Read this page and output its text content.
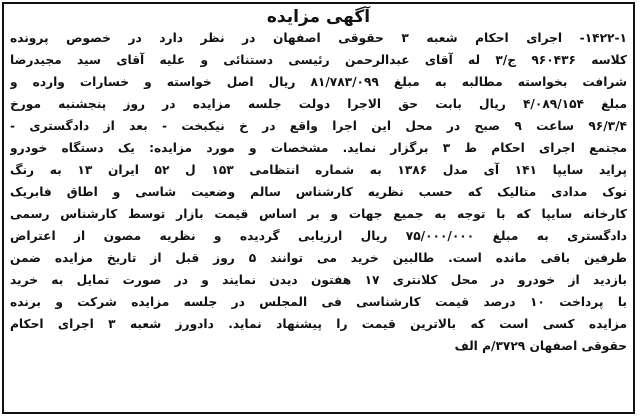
آگهی مزایده
۱۴۲۲-۱- اجرای احکام شعبه ۳ حقوقی اصفهان در نظر دارد در خصوص پرونده
کلاسه ۹۶۰۴۳۶ ج/۳ له آقای عبدالرحمن رئیسی دستنائی و علیه آقای سید مجیدرضا
شرافت بخواسته مطالبه به مبلغ ۸۱/۷۸۳/۰۹۹ ریال اصل خواسته و خسارات وارده و
مبلغ ۴/۰۸۹/۱۵۴ ریال بابت حق الاجرا دولت جلسه مزایده در روز پنجشنبه مورخ
۹۶/۳/۴ ساعت ۹ صبح در محل این اجرا واقع در خ نیکبخت - بعد از دادگستری -
مجتمع اجرای احکام ط ۳ برگزار نماید. مشخصات و مورد مزایده: یک دستگاه خودرو
پراید سایپا ۱۴۱ آی مدل ۱۳۸۶ به شماره انتظامی ۱۵۳ ل ۵۲ ایران ۱۳ به رنگ
نوک مدادی متالیک که حسب نظریه کارشناس سالم وضعیت شاسی و اطاق فابریک
کارخانه سایپا که با توجه به جمیع جهات و بر اساس قیمت بازار توسط کارشناس رسمی
دادگستری به مبلغ ۷۵/۰۰۰/۰۰۰ ریال ارزیابی گردیده و نظریه مصون از اعتراض
طرفین باقی مانده است. طالبین خرید می توانند ۵ روز قبل از تاریخ مزایده ضمن
بازدید از خودرو در محل کلانتری ۱۷ هفتون دیدن نمایند و در صورت تمایل به خرید
با پرداخت ۱۰ درصد قیمت کارشناسی فی المجلس در جلسه مزایده شرکت و برنده
مزایده کسی است که بالاترین قیمت را پیشنهاد نماید. دادورز شعبه ۳ اجرای احکام
حقوقی اصفهان ۳۷۲۹/م الف
